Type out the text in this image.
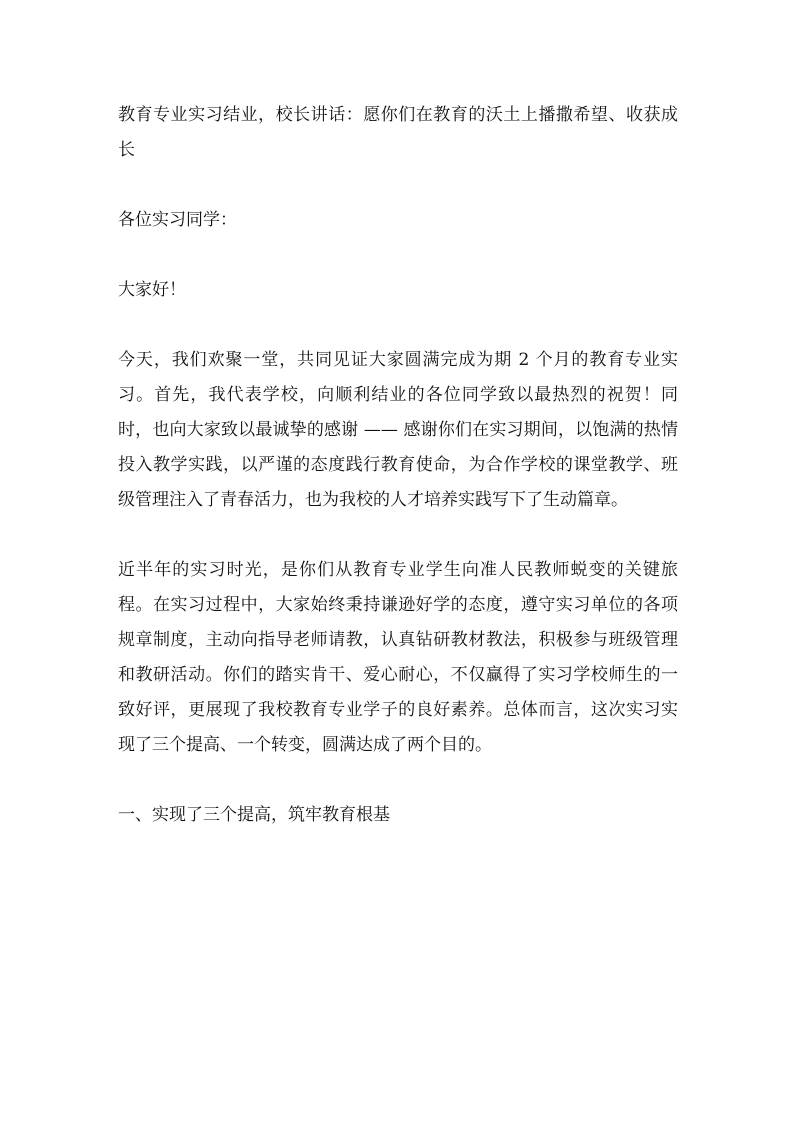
教育专业实习结业，校长讲话：愿你们在教育的沃土上播撒希望、收获成长

各位实习同学：

大家好！

今天，我们欢聚一堂，共同见证大家圆满完成为期 2 个月的教育专业实习。首先，我代表学校，向顺利结业的各位同学致以最热烈的祝贺！同时，也向大家致以最诚挚的感谢 —— 感谢你们在实习期间，以饱满的热情投入教学实践，以严谨的态度践行教育使命，为合作学校的课堂教学、班级管理注入了青春活力，也为我校的人才培养实践写下了生动篇章。

近半年的实习时光，是你们从教育专业学生向准人民教师蜕变的关键旅程。在实习过程中，大家始终秉持谦逊好学的态度，遵守实习单位的各项规章制度，主动向指导老师请教，认真钻研教材教法，积极参与班级管理和教研活动。你们的踏实肯干、爱心耐心，不仅赢得了实习学校师生的一致好评，更展现了我校教育专业学子的良好素养。总体而言，这次实习实现了三个提高、一个转变，圆满达成了两个目的。

一、实现了三个提高，筑牢教育根基
